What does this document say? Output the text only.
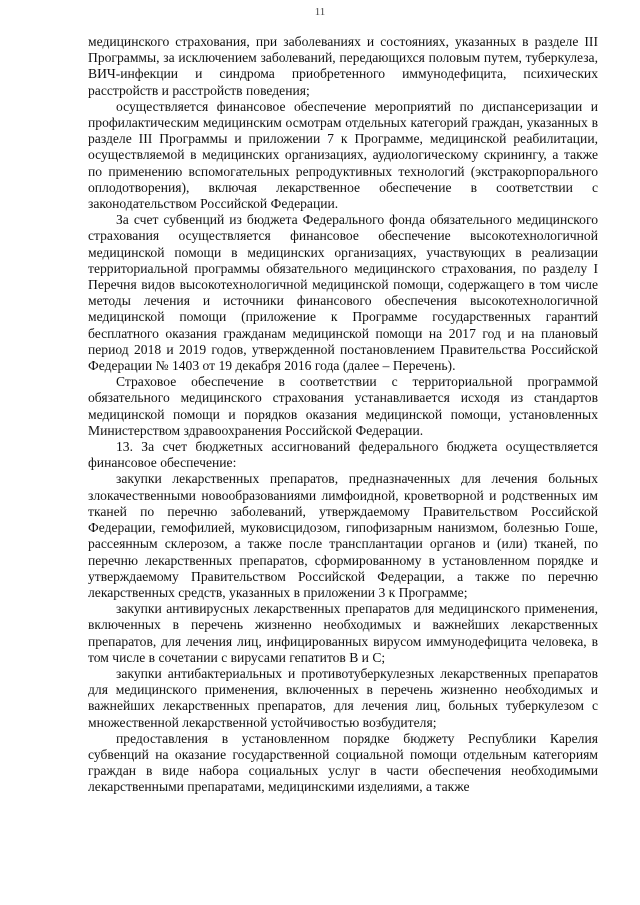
11

медицинского страхования, при заболеваниях и состояниях, указанных в разделе III Программы, за исключением заболеваний, передающихся половым путем, туберкулеза, ВИЧ-инфекции и синдрома приобретенного иммунодефицита, психических расстройств и расстройств поведения;

осуществляется финансовое обеспечение мероприятий по диспансеризации и профилактическим медицинским осмотрам отдельных категорий граждан, указанных в разделе III Программы и приложении 7 к Программе, медицинской реабилитации, осуществляемой в медицинских организациях, аудиологическому скринингу, а также по применению вспомогательных репродуктивных технологий (экстракорпорального оплодотворения), включая лекарственное обеспечение в соответствии с законодательством Российской Федерации.

За счет субвенций из бюджета Федерального фонда обязательного медицинского страхования осуществляется финансовое обеспечение высокотехнологичной медицинской помощи в медицинских организациях, участвующих в реализации территориальной программы обязательного медицинского страхования, по разделу I Перечня видов высокотехнологичной медицинской помощи, содержащего в том числе методы лечения и источники финансового обеспечения высокотехнологичной медицинской помощи (приложение к Программе государственных гарантий бесплатного оказания гражданам медицинской помощи на 2017 год и на плановый период 2018 и 2019 годов, утвержденной постановлением Правительства Российской Федерации № 1403 от 19 декабря 2016 года (далее – Перечень).

Страховое обеспечение в соответствии с территориальной программой обязательного медицинского страхования устанавливается исходя из стандартов медицинской помощи и порядков оказания медицинской помощи, установленных Министерством здравоохранения Российской Федерации.

13. За счет бюджетных ассигнований федерального бюджета осуществляется финансовое обеспечение:

закупки лекарственных препаратов, предназначенных для лечения больных злокачественными новообразованиями лимфоидной, кроветворной и родственных им тканей по перечню заболеваний, утверждаемому Правительством Российской Федерации, гемофилией, муковисцидозом, гипофизарным нанизмом, болезнью Гоше, рассеянным склерозом, а также после трансплантации органов и (или) тканей, по перечню лекарственных препаратов, сформированному в установленном порядке и утверждаемому Правительством Российской Федерации, а также по перечню лекарственных средств, указанных в приложении 3 к Программе;

закупки антивирусных лекарственных препаратов для медицинского применения, включенных в перечень жизненно необходимых и важнейших лекарственных препаратов, для лечения лиц, инфицированных вирусом иммунодефицита человека, в том числе в сочетании с вирусами гепатитов В и С;

закупки антибактериальных и противотуберкулезных лекарственных препаратов для медицинского применения, включенных в перечень жизненно необходимых и важнейших лекарственных препаратов, для лечения лиц, больных туберкулезом с множественной лекарственной устойчивостью возбудителя;

предоставления в установленном порядке бюджету Республики Карелия субвенций на оказание государственной социальной помощи отдельным категориям граждан в виде набора социальных услуг в части обеспечения необходимыми лекарственными препаратами, медицинскими изделиями, а также
